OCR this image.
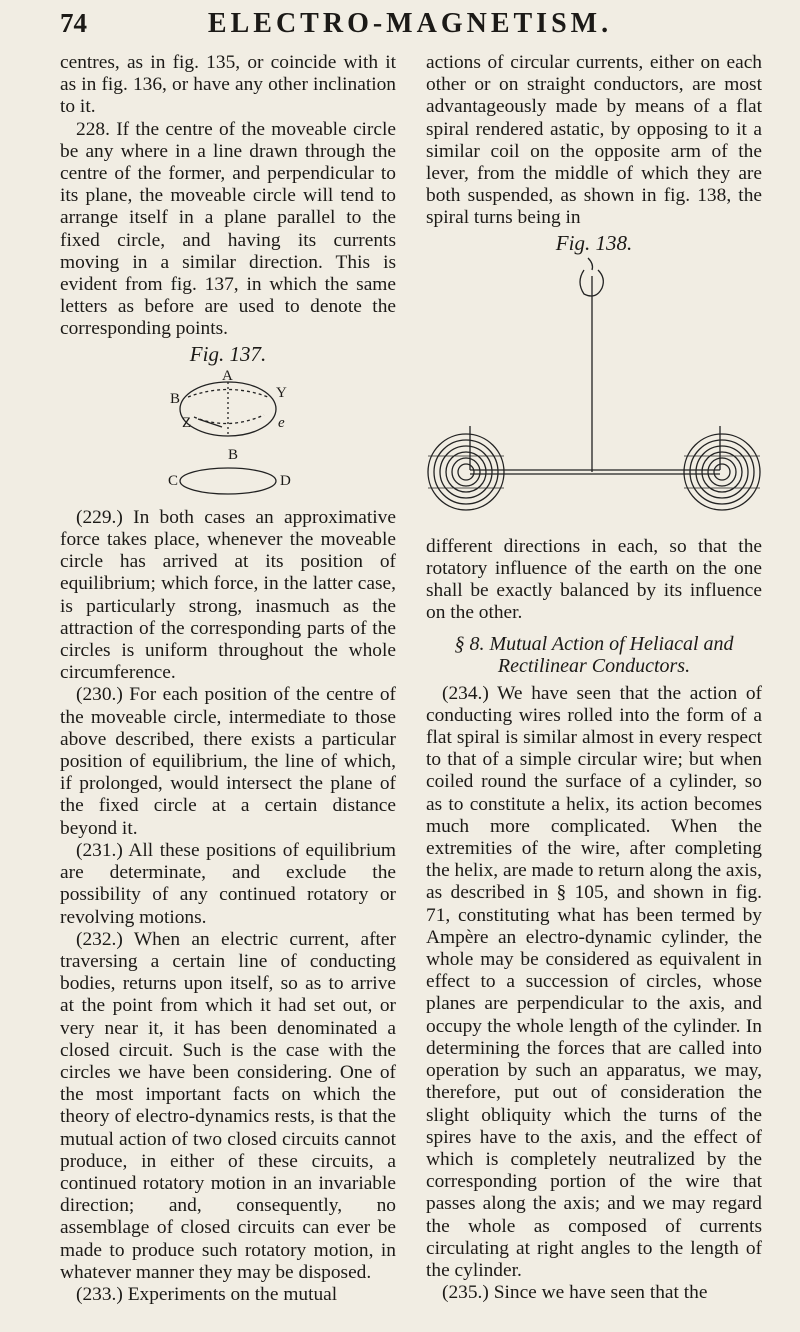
74	ELECTRO-MAGNETISM.

centres, as in fig. 135, or coincide with it as in fig. 136, or have any other inclination to it.

228. If the centre of the moveable circle be any where in a line drawn through the centre of the former, and perpendicular to its plane, the moveable circle will tend to arrange itself in a plane parallel to the fixed circle, and having its currents moving in a similar direction. This is evident from fig. 137, in which the same letters as before are used to denote the corresponding points.

Fig. 137.
A
B	Y
e
Z
B
C	D

(229.) In both cases an approximative force takes place, whenever the moveable circle has arrived at its position of equilibrium; which force, in the latter case, is particularly strong, inasmuch as the attraction of the corresponding parts of the circles is uniform throughout the whole circumference.

(230.) For each position of the centre of the moveable circle, intermediate to those above described, there exists a particular position of equilibrium, the line of which, if prolonged, would intersect the plane of the fixed circle at a certain distance beyond it.

(231.) All these positions of equilibrium are determinate, and exclude the possibility of any continued rotatory or revolving motions.

(232.) When an electric current, after traversing a certain line of conducting bodies, returns upon itself, so as to arrive at the point from which it had set out, or very near it, it has been denominated a closed circuit. Such is the case with the circles we have been considering. One of the most important facts on which the theory of electro-dynamics rests, is that the mutual action of two closed circuits cannot produce, in either of these circuits, a continued rotatory motion in an invariable direction; and, consequently, no assemblage of closed circuits can ever be made to produce such rotatory motion, in whatever manner they may be disposed.

(233.) Experiments on the mutual

actions of circular currents, either on each other or on straight conductors, are most advantageously made by means of a flat spiral rendered astatic, by opposing to it a similar coil on the opposite arm of the lever, from the middle of which they are both suspended, as shown in fig. 138, the spiral turns being in

Fig. 138.

different directions in each, so that the rotatory influence of the earth on the one shall be exactly balanced by its influence on the other.

§ 8. Mutual Action of Heliacal and Rectilinear Conductors.

(234.) We have seen that the action of conducting wires rolled into the form of a flat spiral is similar almost in every respect to that of a simple circular wire; but when coiled round the surface of a cylinder, so as to constitute a helix, its action becomes much more complicated. When the extremities of the wire, after completing the helix, are made to return along the axis, as described in § 105, and shown in fig. 71, constituting what has been termed by Ampère an electro-dynamic cylinder, the whole may be considered as equivalent in effect to a succession of circles, whose planes are perpendicular to the axis, and occupy the whole length of the cylinder. In determining the forces that are called into operation by such an apparatus, we may, therefore, put out of consideration the slight obliquity which the turns of the spires have to the axis, and the effect of which is completely neutralized by the corresponding portion of the wire that passes along the axis; and we may regard the whole as composed of currents circulating at right angles to the length of the cylinder.

(235.) Since we have seen that the
